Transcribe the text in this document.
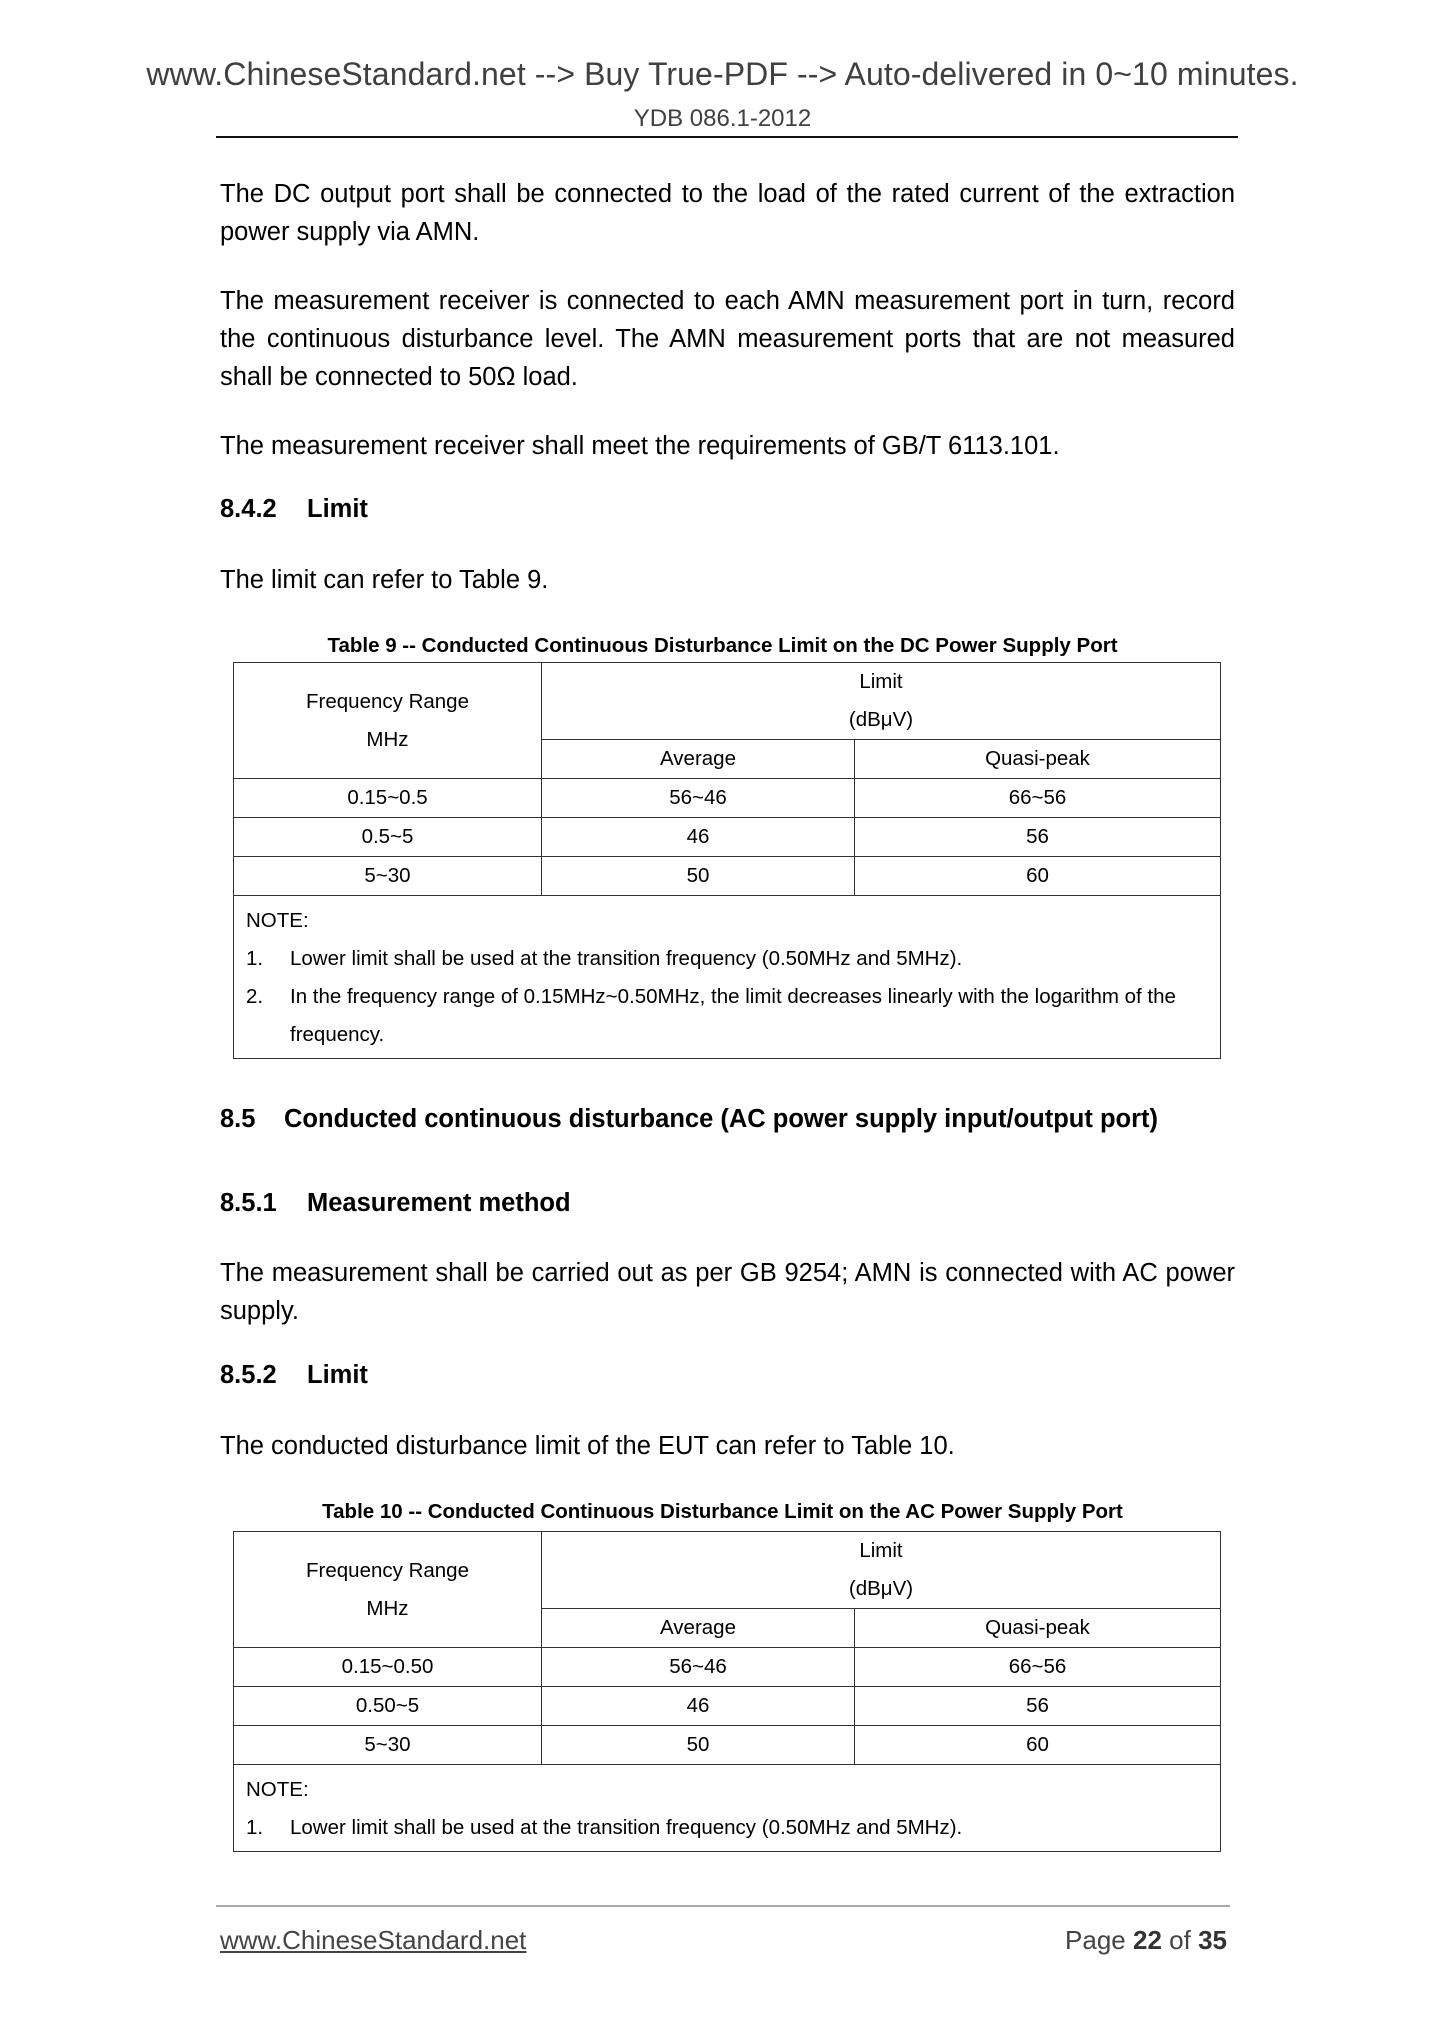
www.ChineseStandard.net --> Buy True-PDF --> Auto-delivered in 0~10 minutes.
YDB 086.1-2012
The DC output port shall be connected to the load of the rated current of the extraction power supply via AMN.
The measurement receiver is connected to each AMN measurement port in turn, record the continuous disturbance level. The AMN measurement ports that are not measured shall be connected to 50Ω load.
The measurement receiver shall meet the requirements of GB/T 6113.101.
8.4.2 Limit
The limit can refer to Table 9.
Table 9 -- Conducted Continuous Disturbance Limit on the DC Power Supply Port
Frequency Range
MHz

Limit
(dBμV)

	Average	Quasi-peak
0.15~0.5	56~46	66~56
0.5~5	46	56
5~30	50	60

NOTE:
1. Lower limit shall be used at the transition frequency (0.50MHz and 5MHz).
2. In the frequency range of 0.15MHz~0.50MHz, the limit decreases linearly with the logarithm of the frequency.		
8.5 Conducted continuous disturbance (AC power supply input/output port)
8.5.1 Measurement method
The measurement shall be carried out as per GB 9254; AMN is connected with AC power supply.
8.5.2 Limit
The conducted disturbance limit of the EUT can refer to Table 10.
Table 10 -- Conducted Continuous Disturbance Limit on the AC Power Supply Port
Frequency Range
MHz

Limit
(dBμV)

	Average	Quasi-peak
0.15~0.50	56~46	66~56
0.50~5	46	56
5~30	50	60

NOTE:
1. Lower limit shall be used at the transition frequency (0.50MHz and 5MHz).		
www.ChineseStandard.net	Page 22 of 35
